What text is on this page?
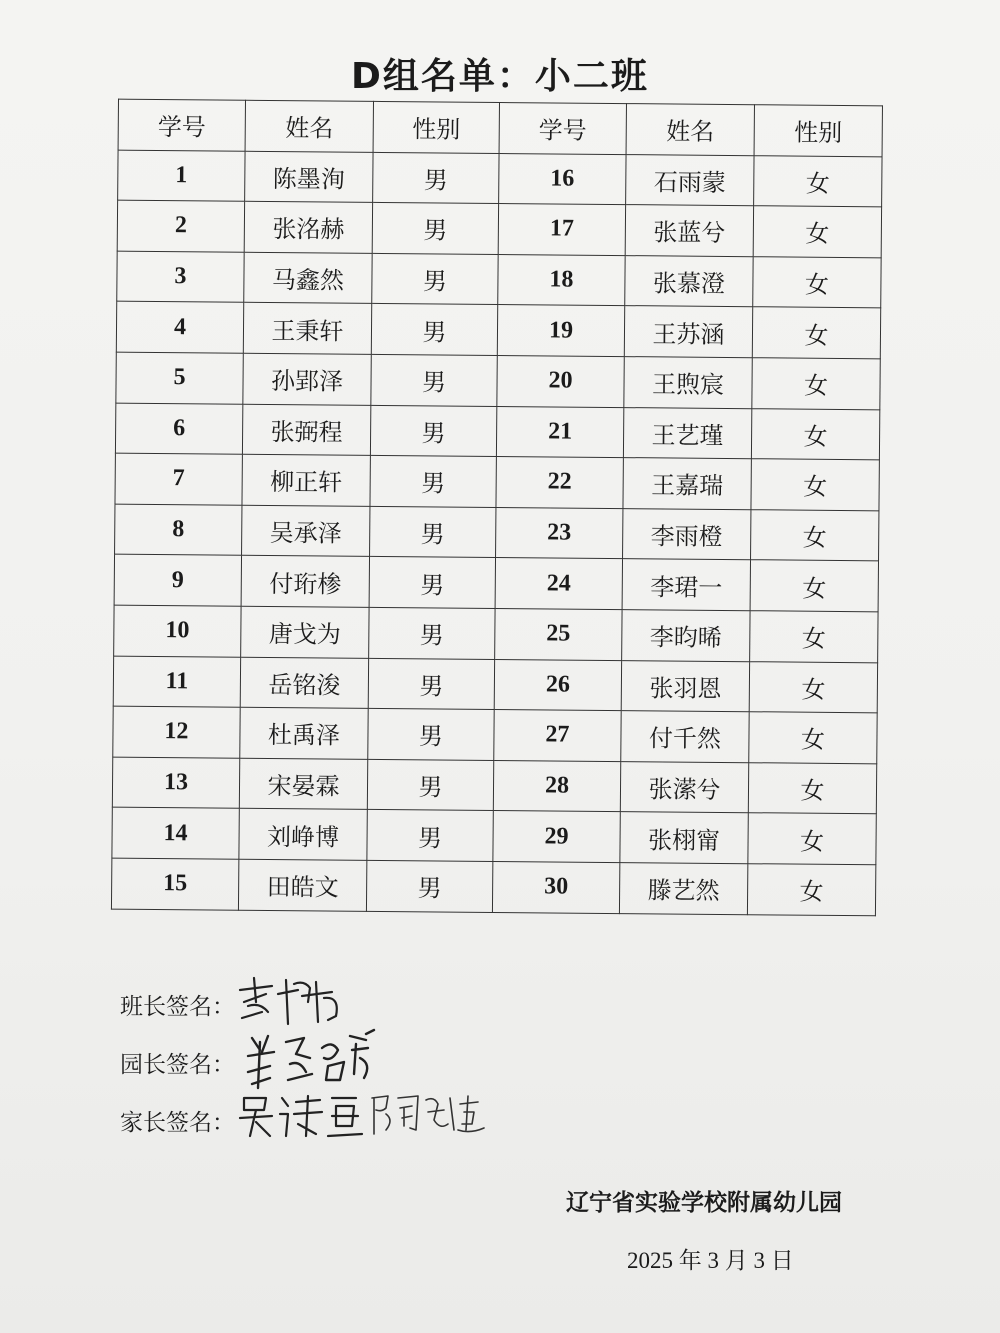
D组名单：小二班
学号	姓名	性别	学号	姓名	性别
1	陈墨洵	男	16	石雨蒙	女
2	张洺赫	男	17	张蓝兮	女
3	马鑫然	男	18	张慕澄	女
4	王秉轩	男	19	王苏涵	女
5	孙郢泽	男	20	王煦宸	女
6	张弼程	男	21	王艺瑾	女
7	柳正轩	男	22	王嘉瑞	女
8	吴承泽	男	23	李雨橙	女
9	付珩椮	男	24	李珺一	女
10	唐戈为	男	25	李昀晞	女
11	岳铭浚	男	26	张羽恩	女
12	杜禹泽	男	27	付千然	女
13	宋晏霖	男	28	张潆兮	女
14	刘峥博	男	29	张栩甯	女
15	田皓文	男	30	滕艺然	女
班长签名：
园长签名：
家长签名：
辽宁省实验学校附属幼儿园
2025 年 3 月 3 日
